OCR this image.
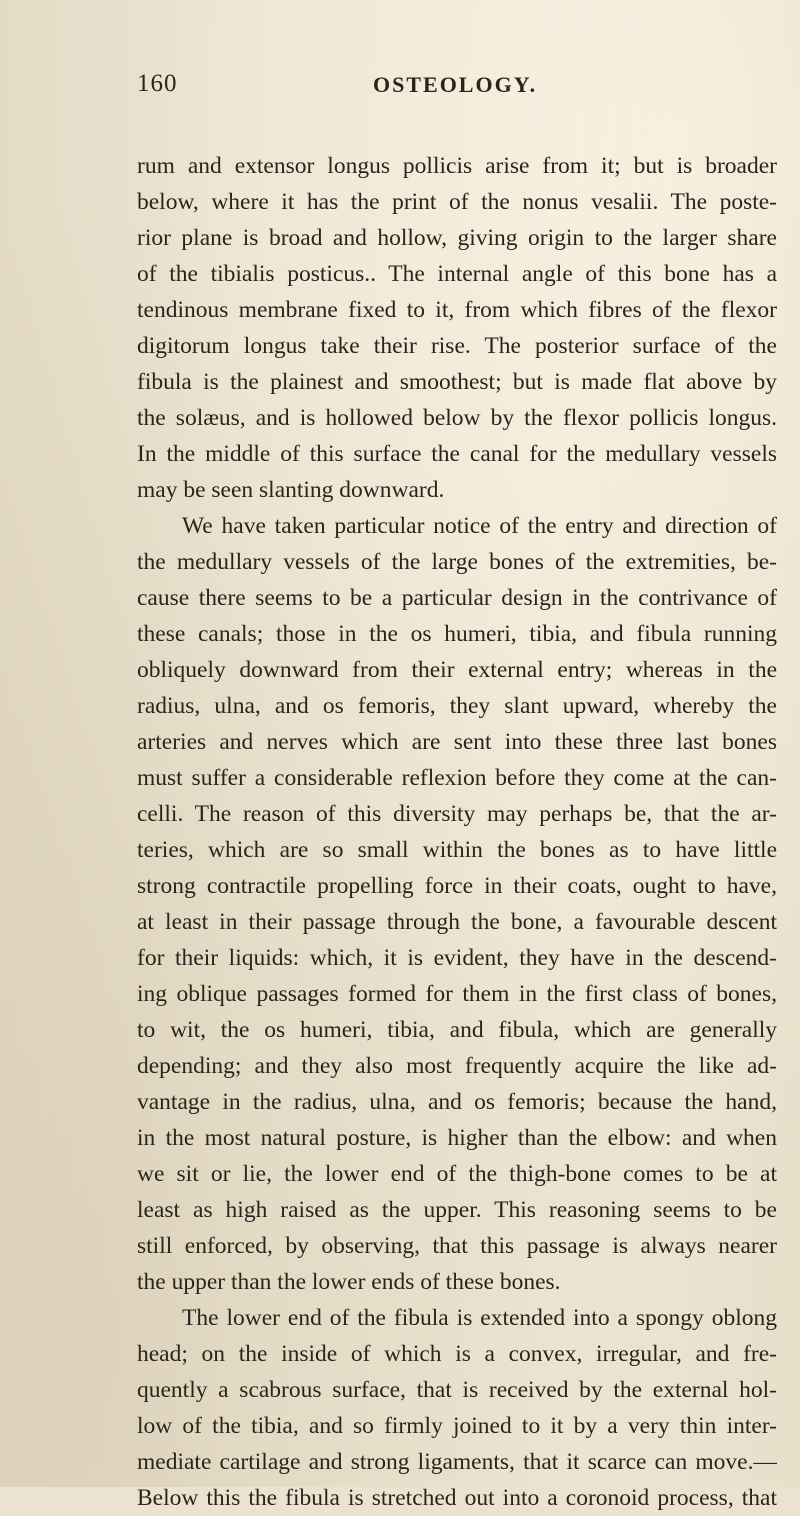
160	OSTEOLOGY.
rum and extensor longus pollicis arise from it; but is broader
below, where it has the print of the nonus vesalii. The poste-
rior plane is broad and hollow, giving origin to the larger share
of the tibialis posticus.. The internal angle of this bone has a
tendinous membrane fixed to it, from which fibres of the flexor
digitorum longus take their rise. The posterior surface of the
fibula is the plainest and smoothest; but is made flat above by
the solæus, and is hollowed below by the flexor pollicis longus.
In the middle of this surface the canal for the medullary vessels
may be seen slanting downward.
We have taken particular notice of the entry and direction of
the medullary vessels of the large bones of the extremities, be-
cause there seems to be a particular design in the contrivance of
these canals; those in the os humeri, tibia, and fibula running
obliquely downward from their external entry; whereas in the
radius, ulna, and os femoris, they slant upward, whereby the
arteries and nerves which are sent into these three last bones
must suffer a considerable reflexion before they come at the can-
celli. The reason of this diversity may perhaps be, that the ar-
teries, which are so small within the bones as to have little
strong contractile propelling force in their coats, ought to have,
at least in their passage through the bone, a favourable descent
for their liquids: which, it is evident, they have in the descend-
ing oblique passages formed for them in the first class of bones,
to wit, the os humeri, tibia, and fibula, which are generally
depending; and they also most frequently acquire the like ad-
vantage in the radius, ulna, and os femoris; because the hand,
in the most natural posture, is higher than the elbow: and when
we sit or lie, the lower end of the thigh-bone comes to be at
least as high raised as the upper. This reasoning seems to be
still enforced, by observing, that this passage is always nearer
the upper than the lower ends of these bones.
The lower end of the fibula is extended into a spongy oblong
head; on the inside of which is a convex, irregular, and fre-
quently a scabrous surface, that is received by the external hol-
low of the tibia, and so firmly joined to it by a very thin inter-
mediate cartilage and strong ligaments, that it scarce can move.—
Below this the fibula is stretched out into a coronoid process, that
